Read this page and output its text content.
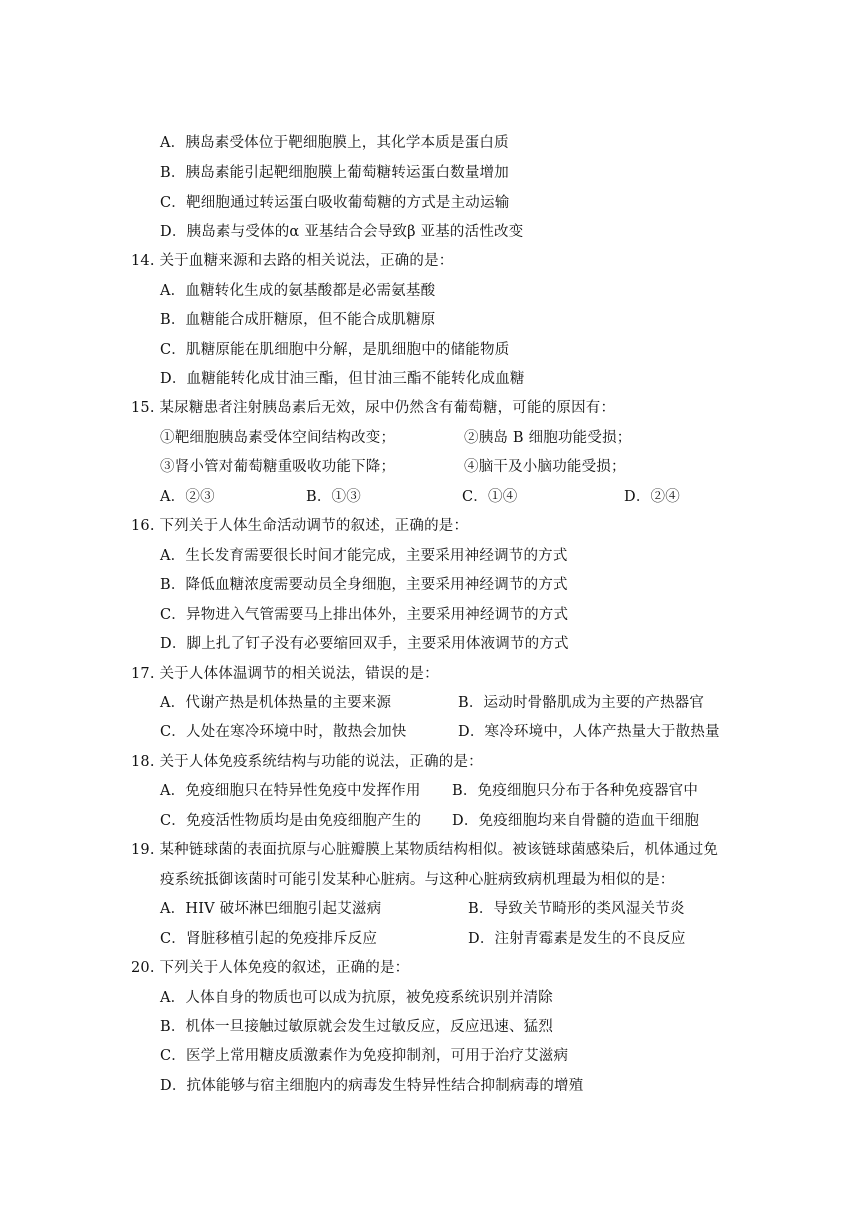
A．胰岛素受体位于靶细胞膜上，其化学本质是蛋白质
B．胰岛素能引起靶细胞膜上葡萄糖转运蛋白数量增加
C．靶细胞通过转运蛋白吸收葡萄糖的方式是主动运输
D．胰岛素与受体的α 亚基结合会导致β 亚基的活性改变
14. 关于血糖来源和去路的相关说法，正确的是：
A．血糖转化生成的氨基酸都是必需氨基酸
B．血糖能合成肝糖原，但不能合成肌糖原
C．肌糖原能在肌细胞中分解，是肌细胞中的储能物质
D．血糖能转化成甘油三酯，但甘油三酯不能转化成血糖
15. 某尿糖患者注射胰岛素后无效，尿中仍然含有葡萄糖，可能的原因有：
①靶细胞胰岛素受体空间结构改变；	②胰岛 B 细胞功能受损；
③肾小管对葡萄糖重吸收功能下降；	④脑干及小脑功能受损；
A．②③	B．①③	C．①④	D．②④
16. 下列关于人体生命活动调节的叙述，正确的是：
A．生长发育需要很长时间才能完成，主要采用神经调节的方式
B．降低血糖浓度需要动员全身细胞，主要采用神经调节的方式
C．异物进入气管需要马上排出体外，主要采用神经调节的方式
D．脚上扎了钉子没有必要缩回双手，主要采用体液调节的方式
17. 关于人体体温调节的相关说法，错误的是：
A．代谢产热是机体热量的主要来源	B．运动时骨骼肌成为主要的产热器官
C．人处在寒冷环境中时，散热会加快	D．寒冷环境中，人体产热量大于散热量
18. 关于人体免疫系统结构与功能的说法，正确的是：
A．免疫细胞只在特异性免疫中发挥作用 B．免疫细胞只分布于各种免疫器官中
C．免疫活性物质均是由免疫细胞产生的 D．免疫细胞均来自骨髓的造血干细胞
19. 某种链球菌的表面抗原与心脏瓣膜上某物质结构相似。被该链球菌感染后，机体通过免
疫系统抵御该菌时可能引发某种心脏病。与这种心脏病致病机理最为相似的是：
A．HIV 破坏淋巴细胞引起艾滋病	B．导致关节畸形的类风湿关节炎
C．肾脏移植引起的免疫排斥反应	D．注射青霉素是发生的不良反应
20. 下列关于人体免疫的叙述，正确的是：
A．人体自身的物质也可以成为抗原，被免疫系统识别并清除
B．机体一旦接触过敏原就会发生过敏反应，反应迅速、猛烈
C．医学上常用糖皮质激素作为免疫抑制剂，可用于治疗艾滋病
D．抗体能够与宿主细胞内的病毒发生特异性结合抑制病毒的增殖
